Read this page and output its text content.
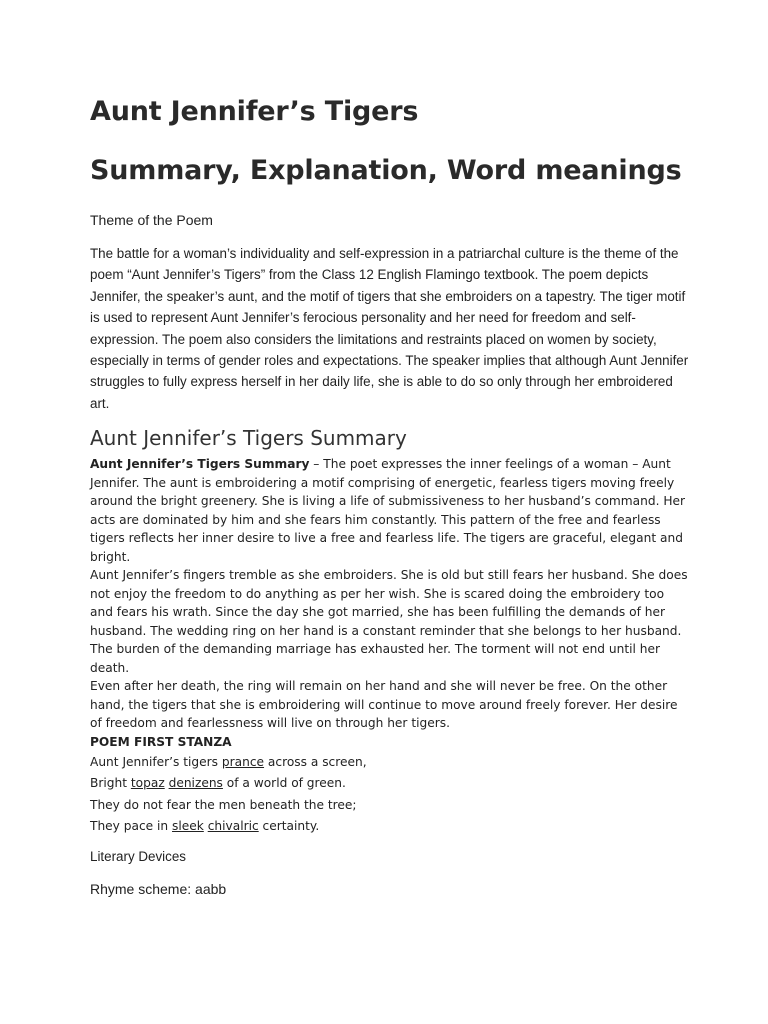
Aunt Jennifer’s Tigers
Summary, Explanation, Word meanings
Theme of the Poem

The battle for a woman’s individuality and self-expression in a patriarchal culture is the theme of the poem “Aunt Jennifer’s Tigers” from the Class 12 English Flamingo textbook. The poem depicts Jennifer, the speaker’s aunt, and the motif of tigers that she embroiders on a tapestry. The tiger motif is used to represent Aunt Jennifer’s ferocious personality and her need for freedom and self-expression. The poem also considers the limitations and restraints placed on women by society, especially in terms of gender roles and expectations. The speaker implies that although Aunt Jennifer struggles to fully express herself in her daily life, she is able to do so only through her embroidered art.

Aunt Jennifer’s Tigers Summary

Aunt Jennifer’s Tigers Summary – The poet expresses the inner feelings of a woman – Aunt Jennifer. The aunt is embroidering a motif comprising of energetic, fearless tigers moving freely around the bright greenery. She is living a life of submissiveness to her husband’s command. Her acts are dominated by him and she fears him constantly. This pattern of the free and fearless tigers reflects her inner desire to live a free and fearless life. The tigers are graceful, elegant and bright.

Aunt Jennifer’s fingers tremble as she embroiders. She is old but still fears her husband. She does not enjoy the freedom to do anything as per her wish. She is scared doing the embroidery too and fears his wrath. Since the day she got married, she has been fulfilling the demands of her husband. The wedding ring on her hand is a constant reminder that she belongs to her husband. The burden of the demanding marriage has exhausted her. The torment will not end until her death.

Even after her death, the ring will remain on her hand and she will never be free. On the other hand, the tigers that she is embroidering will continue to move around freely forever. Her desire of freedom and fearlessness will live on through her tigers.

POEM FIRST STANZA

Aunt Jennifer’s tigers prance across a screen,
Bright topaz denizens of a world of green.
They do not fear the men beneath the tree;
They pace in sleek chivalric certainty.
Literary Devices
Rhyme scheme: aabb
